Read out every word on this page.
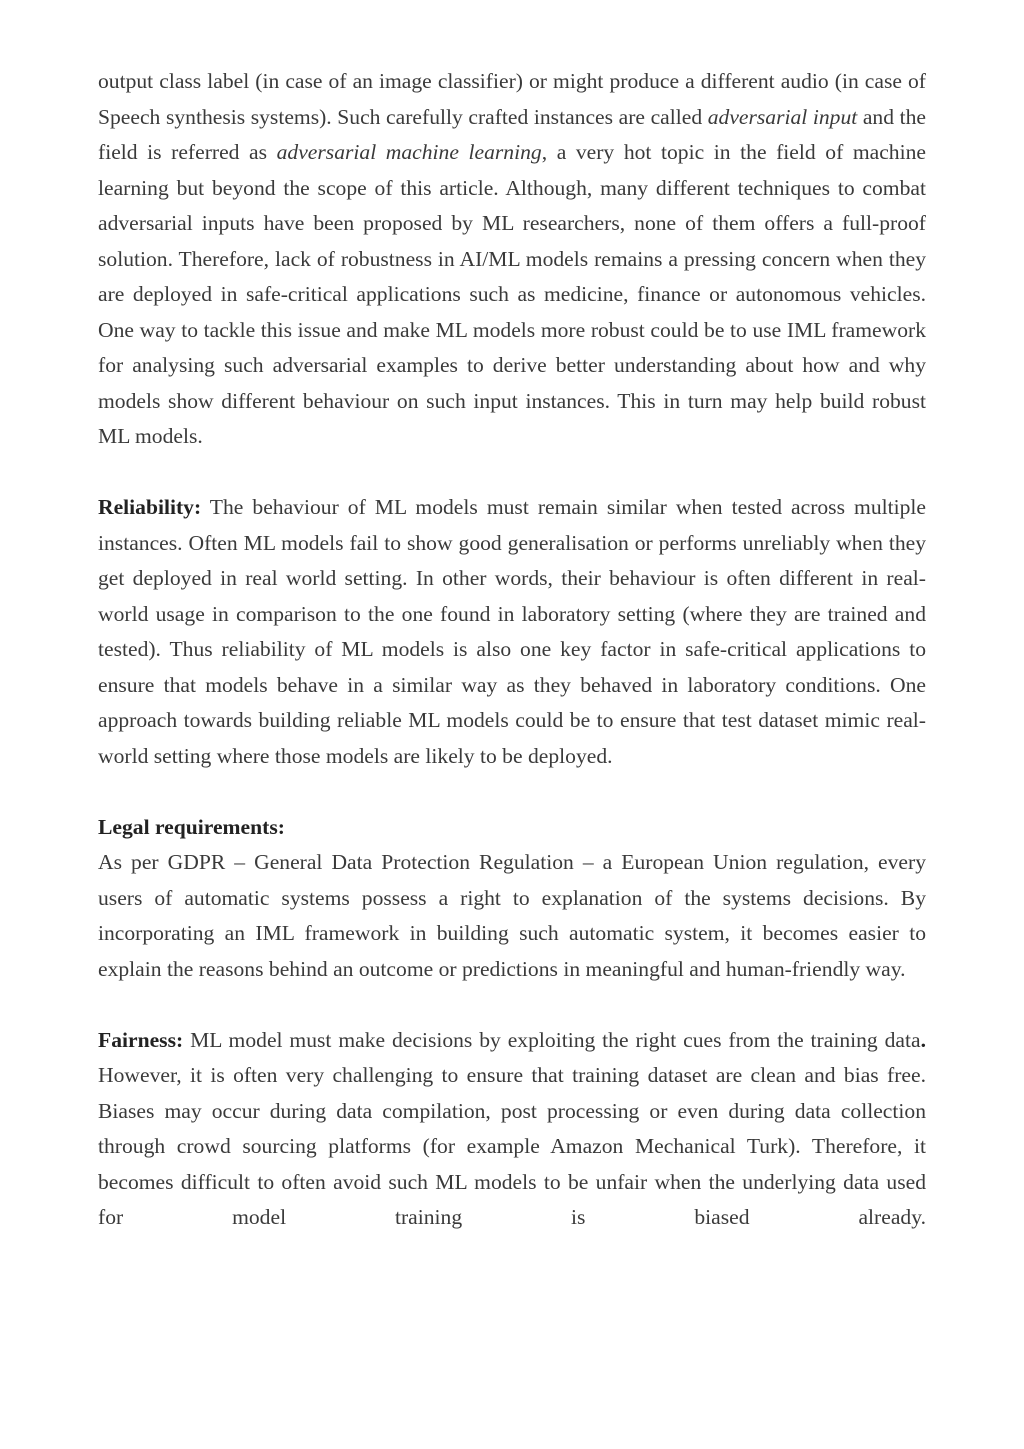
output class label (in case of an image classifier) or might produce a different audio (in case of Speech synthesis systems). Such carefully crafted instances are called adversarial input and the field is referred as adversarial machine learning, a very hot topic in the field of machine learning but beyond the scope of this article. Although, many different techniques to combat adversarial inputs have been proposed by ML researchers, none of them offers a full-proof solution. Therefore, lack of robustness in AI/ML models remains a pressing concern when they are deployed in safe-critical applications such as medicine, finance or autonomous vehicles. One way to tackle this issue and make ML models more robust could be to use IML framework for analysing such adversarial examples to derive better understanding about how and why models show different behaviour on such input instances. This in turn may help build robust ML models.

Reliability: The behaviour of ML models must remain similar when tested across multiple instances. Often ML models fail to show good generalisation or performs unreliably when they get deployed in real world setting. In other words, their behaviour is often different in real-world usage in comparison to the one found in laboratory setting (where they are trained and tested). Thus reliability of ML models is also one key factor in safe-critical applications to ensure that models behave in a similar way as they behaved in laboratory conditions. One approach towards building reliable ML models could be to ensure that test dataset mimic real-world setting where those models are likely to be deployed.

Legal requirements:

As per GDPR – General Data Protection Regulation – a European Union regulation, every users of automatic systems possess a right to explanation of the systems decisions. By incorporating an IML framework in building such automatic system, it becomes easier to explain the reasons behind an outcome or predictions in meaningful and human-friendly way.

Fairness: ML model must make decisions by exploiting the right cues from the training data. However, it is often very challenging to ensure that training dataset are clean and bias free. Biases may occur during data compilation, post processing or even during data collection through crowd sourcing platforms (for example Amazon Mechanical Turk). Therefore, it becomes difficult to often avoid such ML models to be unfair when the underlying data used for model training is biased already.
